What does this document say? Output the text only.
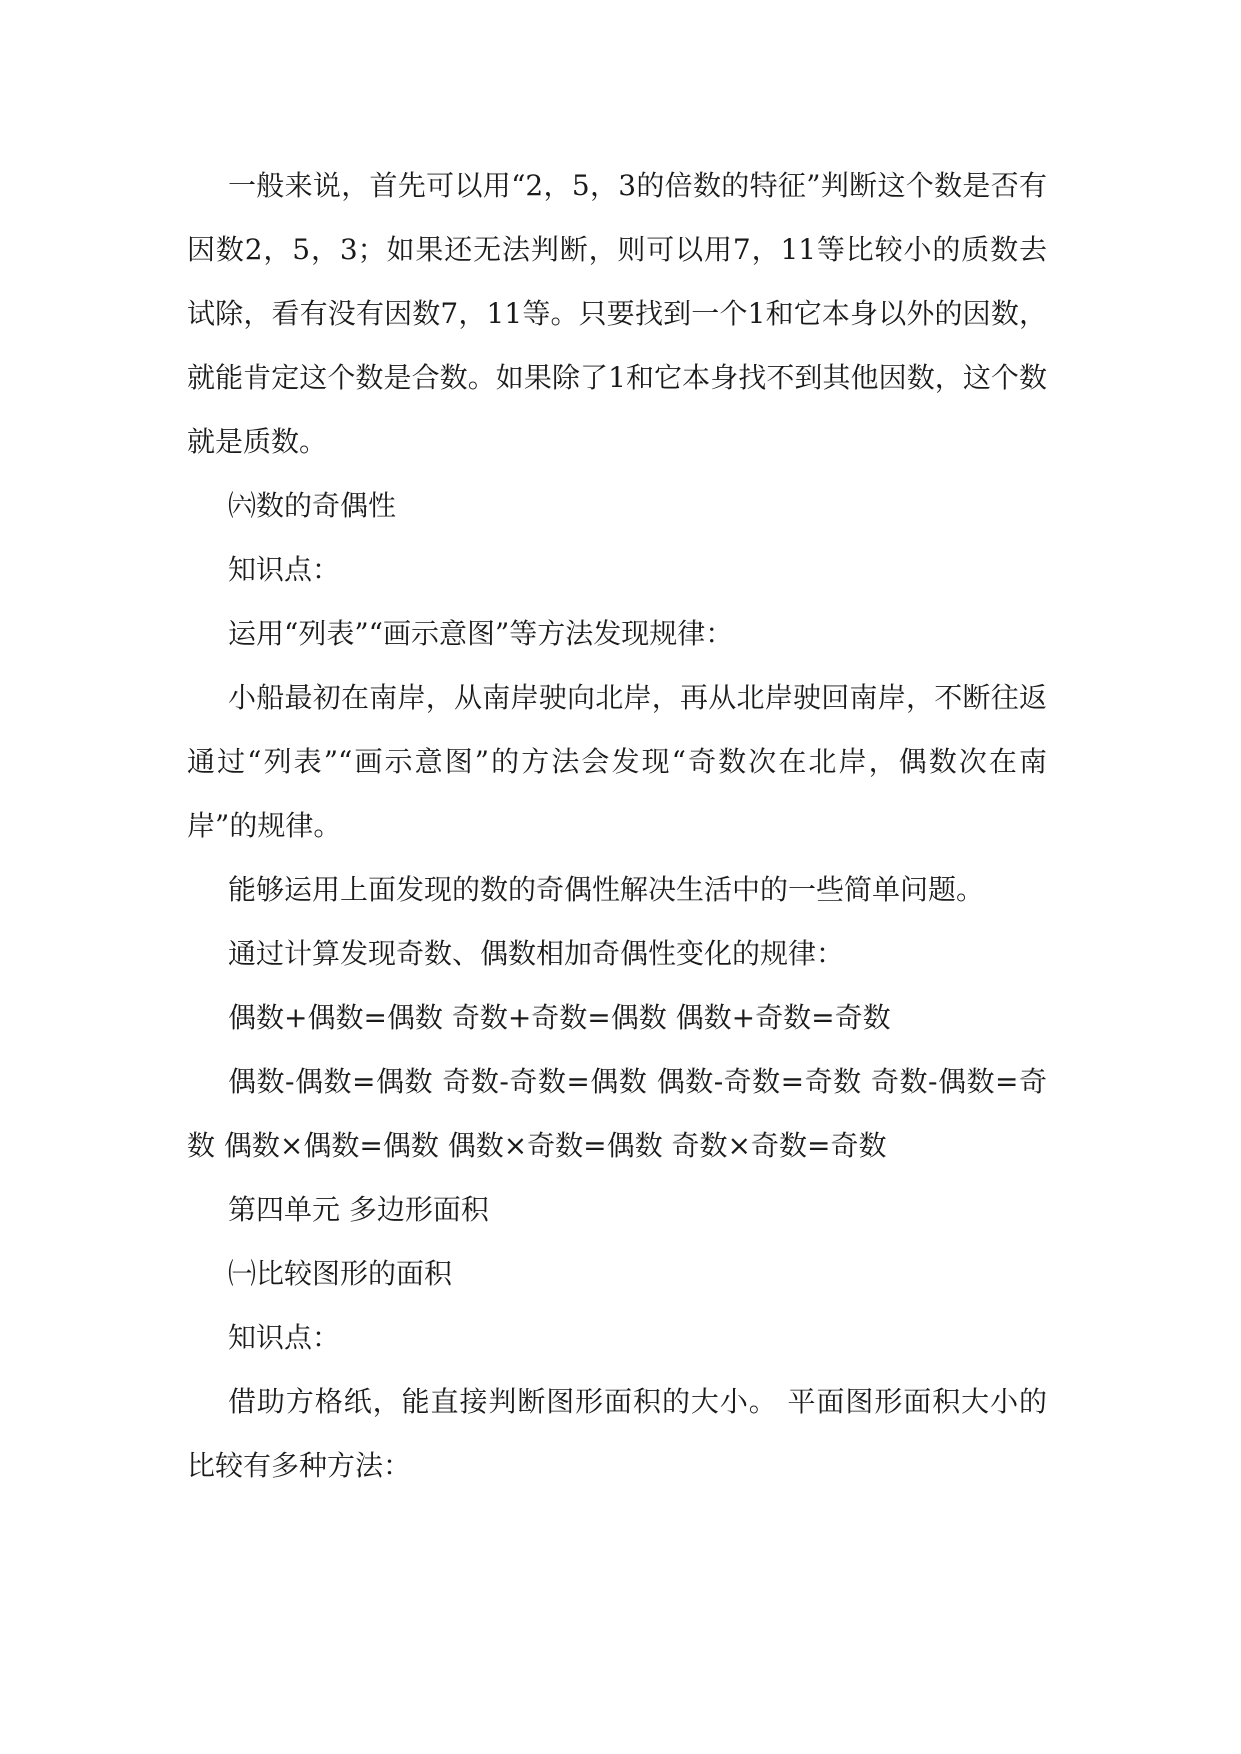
一般来说，首先可以用“2，5，3的倍数的特征”判断这个数是否有因数2，5，3；如果还无法判断，则可以用7，11等比较小的质数去试除，看有没有因数7，11等。只要找到一个1和它本身以外的因数，就能肯定这个数是合数。如果除了1和它本身找不到其他因数，这个数就是质数。

㈥数的奇偶性

知识点：

运用“列表”“画示意图”等方法发现规律：

小船最初在南岸，从南岸驶向北岸，再从北岸驶回南岸，不断往返通过“列表”“画示意图”的方法会发现“奇数次在北岸，偶数次在南岸”的规律。

能够运用上面发现的数的奇偶性解决生活中的一些简单问题。

通过计算发现奇数、偶数相加奇偶性变化的规律：

偶数+偶数=偶数 奇数+奇数=偶数 偶数+奇数=奇数

偶数-偶数=偶数 奇数-奇数=偶数 偶数-奇数=奇数 奇数-偶数=奇数 偶数×偶数=偶数 偶数×奇数=偶数 奇数×奇数=奇数

第四单元 多边形面积

㈠比较图形的面积

知识点：

借助方格纸，能直接判断图形面积的大小。 平面图形面积大小的比较有多种方法：
